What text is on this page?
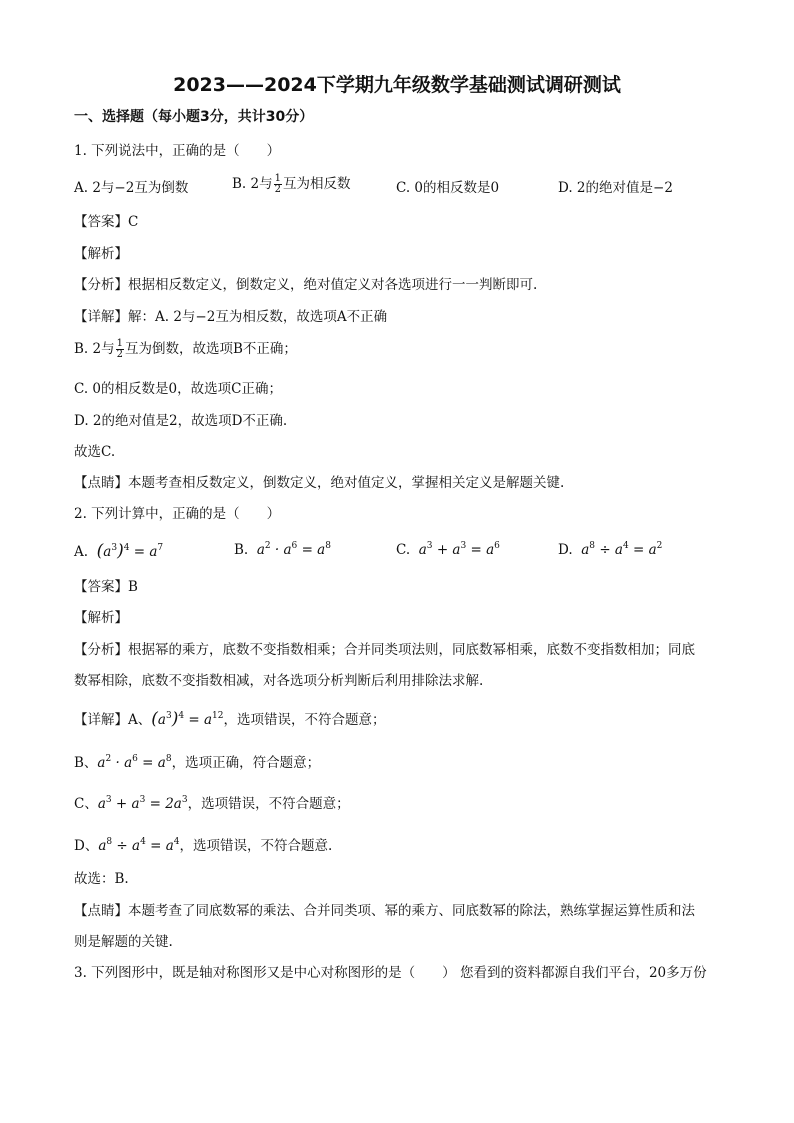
2023——2024下学期九年级数学基础测试调研测试
一、选择题（每小题3分，共计30分）
1. 下列说法中，正确的是（　　）
A. 2与−2互为倒数	B. 2与 $\frac{1}{2}$ 互为相反数	C. 0的相反数是0	D. 2的绝对值是−2
【答案】C
【解析】
【分析】根据相反数定义，倒数定义，绝对值定义对各选项进行一一判断即可.
【详解】解：A. 2与−2互为相反数，故选项A不正确
B. 2与 $\frac{1}{2}$ 互为倒数，故选项B不正确；
C. 0的相反数是0，故选项C正确；
D. 2的绝对值是2，故选项D不正确.
故选C.
【点睛】本题考查相反数定义，倒数定义，绝对值定义，掌握相关定义是解题关键.
2. 下列计算中，正确的是（　　）
A. $(a^3)^4 = a^7$	B. $a^2 \cdot a^6 = a^8$	C. $a^3 + a^3 = a^6$	D. $a^8 \div a^4 = a^2$
【答案】B
【解析】
【分析】根据幂的乘方，底数不变指数相乘；合并同类项法则，同底数幂相乘，底数不变指数相加；同底
数幂相除，底数不变指数相减，对各选项分析判断后利用排除法求解.
【详解】A、$(a^3)^4 = a^{12}$，选项错误，不符合题意；
B、$a^2 \cdot a^6 = a^8$，选项正确，符合题意；
C、$a^3 + a^3 = 2a^3$，选项错误，不符合题意；
D、$a^8 \div a^4 = a^4$，选项错误，不符合题意.
故选：B.
【点睛】本题考查了同底数幂的乘法、合并同类项、幂的乘方、同底数幂的除法，熟练掌握运算性质和法
则是解题的关键.
3. 下列图形中，既是轴对称图形又是中心对称图形的是（　　） 您看到的资料都源自我们平台，20多万份
